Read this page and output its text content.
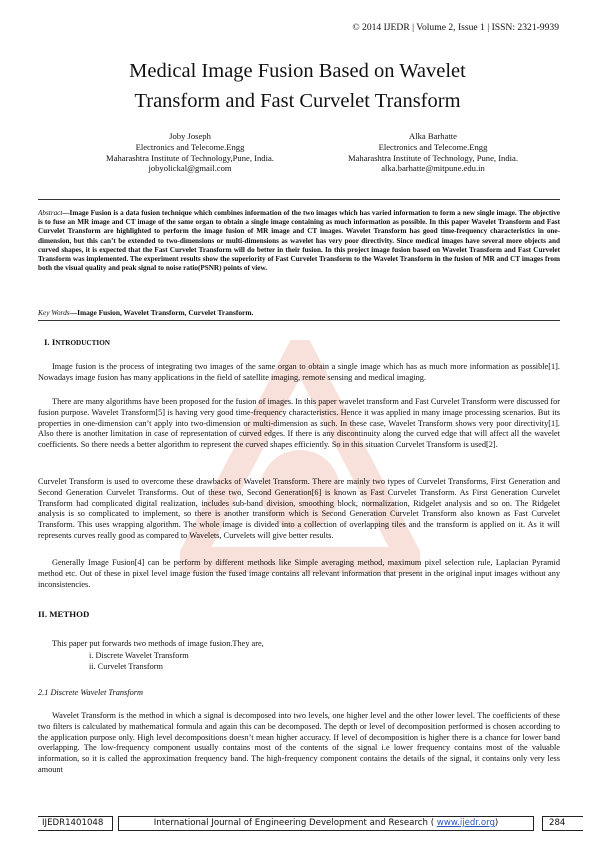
© 2014 IJEDR | Volume 2, Issue 1 | ISSN: 2321-9939
Medical Image Fusion Based on Wavelet
Transform and Fast Curvelet Transform
Joby Joseph
Electronics and Telecome.Engg
Maharashtra Institute of Technology,Pune, India.
jobyolickal@gmail.com
Alka Barhatte
Electronics and Telecome.Engg
Maharashtra Institute of Technology, Pune, India.
alka.barhatte@mitpune.edu.in
Abstract—Image Fusion is a data fusion technique which combines information of the two images which has varied information to form a new single image. The objective is to fuse an MR image and CT image of the same organ to obtain a single image containing as much information as possible. In this paper Wavelet Transform and Fast Curvelet Transform are highlighted to perform the image fusion of MR image and CT images. Wavelet Transform has good time-frequency characteristics in one-dimension, but this can’t be extended to two-dimensions or multi-dimensions as wavelet has very poor directivity. Since medical images have several more objects and curved shapes, it is expected that the Fast Curvelet Transform will do better in their fusion. In this project image fusion based on Wavelet Transform and Fast Curvelet Transform was implemented. The experiment results show the superiority of Fast Curvelet Transform to the Wavelet Transform in the fusion of MR and CT images from both the visual quality and peak signal to noise ratio(PSNR) points of view.
Key Words—Image Fusion, Wavelet Transform, Curvelet Transform.
I. INTRODUCTION
Image fusion is the process of integrating two images of the same organ to obtain a single image which has as much more information as possible[1]. Nowadays image fusion has many applications in the field of satellite imaging, remote sensing and medical imaging.
There are many algorithms have been proposed for the fusion of images. In this paper wavelet transform and Fast Curvelet Transform were discussed for fusion purpose. Wavelet Transform[5] is having very good time-frequency characteristics. Hence it was applied in many image processing scenarios. But its properties in one-dimension can’t apply into two-dimension or multi-dimension as such. In these case, Wavelet Transform shows very poor directivity[1]. Also there is another limitation in case of representation of curved edges. If there is any discontinuity along the curved edge that will affect all the wavelet coefficients. So there needs a better algorithm to represent the curved shapes efficiently. So in this situation Curvelet Transform is used[2].
Curvelet Transform is used to overcome these drawbacks of Wavelet Transform. There are mainly two types of Curvelet Transforms, First Generation and Second Generation Curvelet Transforms. Out of these two, Second Generation[6] is known as Fast Curvelet Transform. As First Generation Curvelet Transform had complicated digital realization, includes sub-band division, smoothing block, normalization, Ridgelet analysis and so on. The Ridgelet analysis is so complicated to implement, so there is another transform which is Second Generation Curvelet Transform also known as Fast Curvelet Transform. This uses wrapping algorithm. The whole image is divided into a collection of overlapping tiles and the transform is applied on it. As it will represents curves really good as compared to Wavelets, Curvelets will give better results.
Generally Image Fusion[4] can be perform by different methods like Simple averaging method, maximum pixel selection rule, Laplacian Pyramid method etc. Out of these in pixel level image fusion the fused image contains all relevant information that present in the original input images without any inconsistencies.
II. METHOD
This paper put forwards two methods of image fusion.They are,
i. Discrete Wavelet Transform
ii. Curvelet Transform
2.1 Discrete Wavelet Transform
Wavelet Transform is the method in which a signal is decomposed into two levels, one higher level and the other lower level. The coefficients of these two filters is calculated by mathematical formula and again this can be decomposed. The depth or level of decomposition performed is chosen according to the application purpose only. High level decompositions doesn’t mean higher accuracy. If level of decomposition is higher there is a chance for lower band overlapping. The low-frequency component usually contains most of the contents of the signal i.e lower frequency contains most of the valuable information, so it is called the approximation frequency band. The high-frequency component contains the details of the signal, it contains only very less amount
IJEDR1401048	International Journal of Engineering Development and Research ( www.ijedr.org)	284
